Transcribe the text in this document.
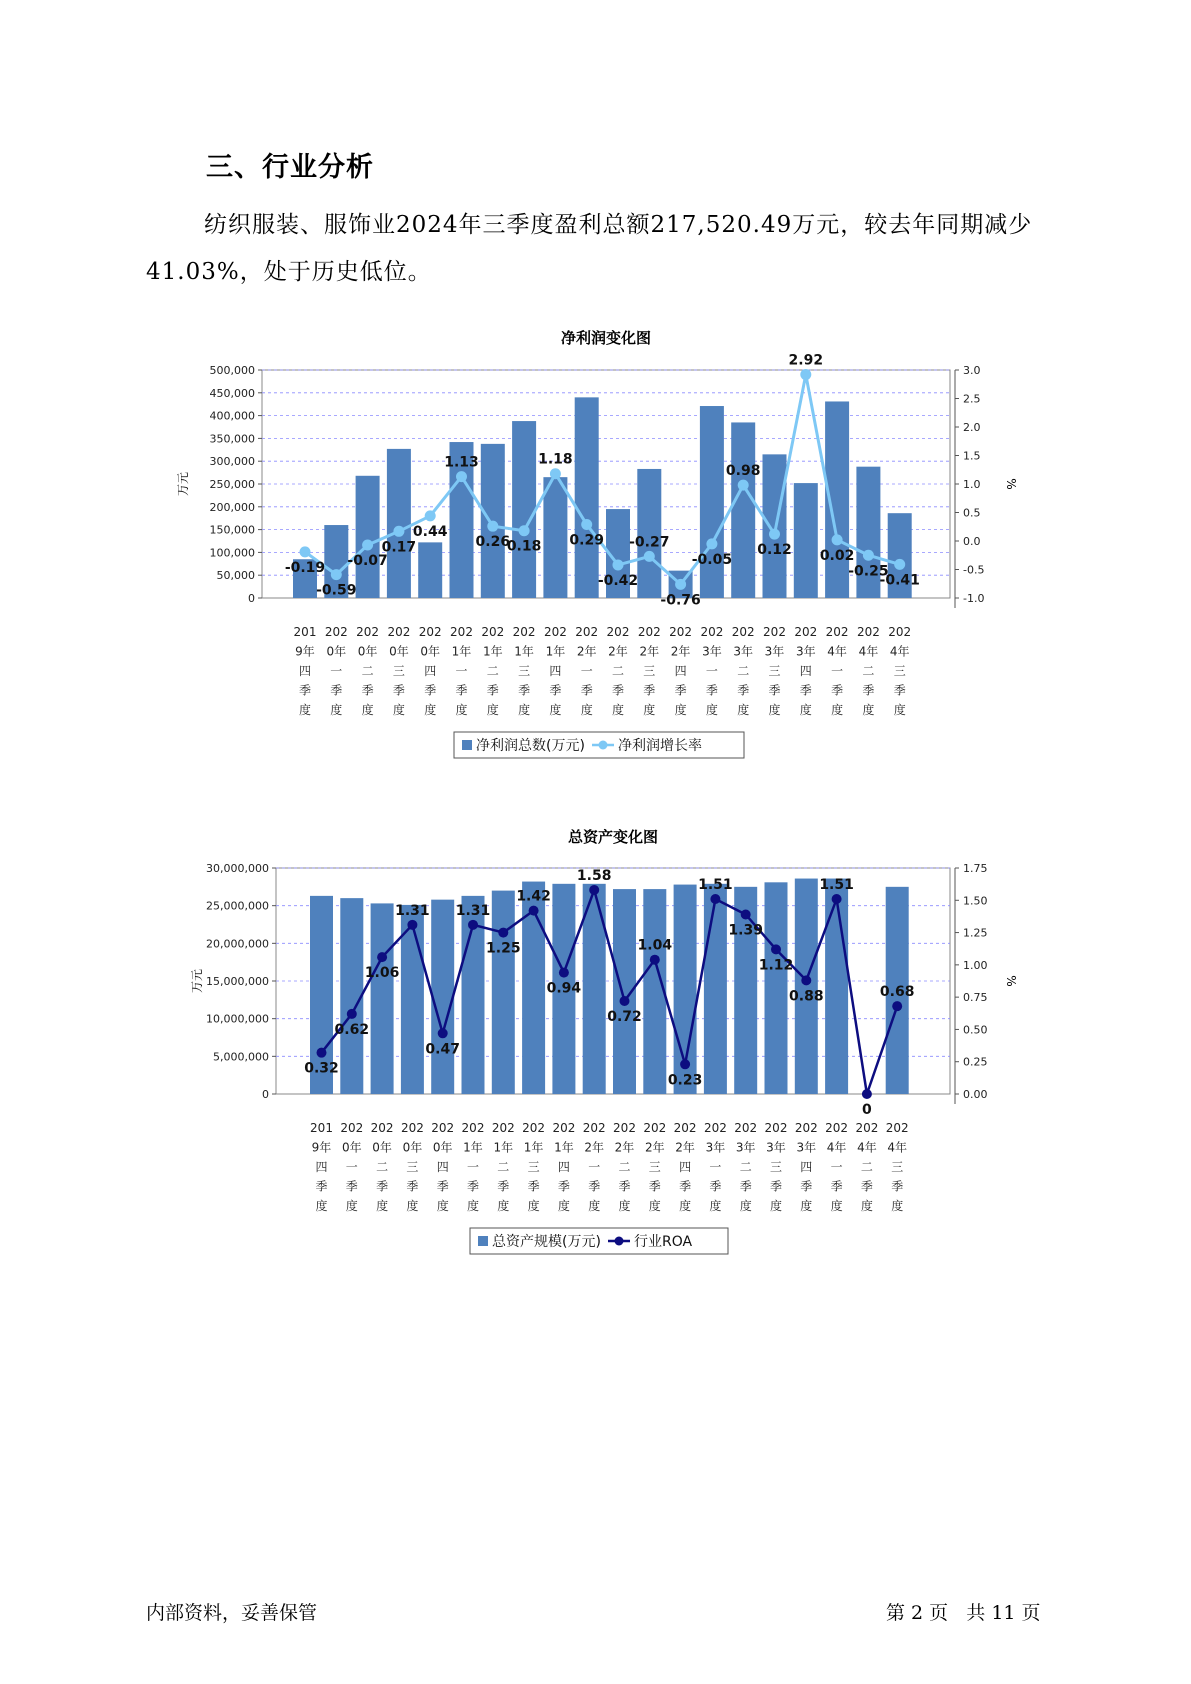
三、行业分析
纺织服装、服饰业2024年三季度盈利总额217,520.49万元，较去年同期减少41.03%，处于历史低位。
净利润变化图
0
50,000
100,000
150,000
200,000
250,000
300,000
350,000
400,000
450,000
500,000
-1.0
-0.5
0.0
0.5
1.0
1.5
2.0
2.5
3.0
万元	%
201 9年四季度
202 0年一季度
202 0年二季度
202 0年三季度
202 0年四季度
202 1年一季度
202 1年二季度
202 1年三季度
202 1年四季度
202 2年一季度
202 2年二季度
202 2年三季度
202 2年四季度
202 3年一季度
202 3年二季度
202 3年三季度
202 3年四季度
202 4年一季度
202 4年二季度
202 4年三季度
-0.19
-0.59
-0.07
0.17
0.44
1.13
0.26
0.18
1.18
0.29
-0.42
-0.27
-0.76
-0.05
0.98
0.12
2.92
0.02
-0.25
-0.41
净利润总数(万元) 净利润增长率
总资产变化图
0
5,000,000
10,000,000
15,000,000
20,000,000
25,000,000
30,000,000
0.00
0.25
0.50
0.75
1.00
1.25
1.50
1.75
万元	%
201 9年四季度
202 0年一季度
202 0年二季度
202 0年三季度
202 0年四季度
202 1年一季度
202 1年二季度
202 1年三季度
202 1年四季度
202 2年一季度
202 2年二季度
202 2年三季度
202 2年四季度
202 3年一季度
202 3年二季度
202 3年三季度
202 3年四季度
202 4年一季度
202 4年二季度
202 4年三季度
0.32
0.62
1.06
1.31
0.47
1.31
1.25
1.42
0.94
1.58
0.72
1.04
0.23
1.51
1.39
1.12
0.88
1.51
0
0.68
总资产规模(万元) 行业ROA
内部资料，妥善保管	第 2 页   共 11 页
